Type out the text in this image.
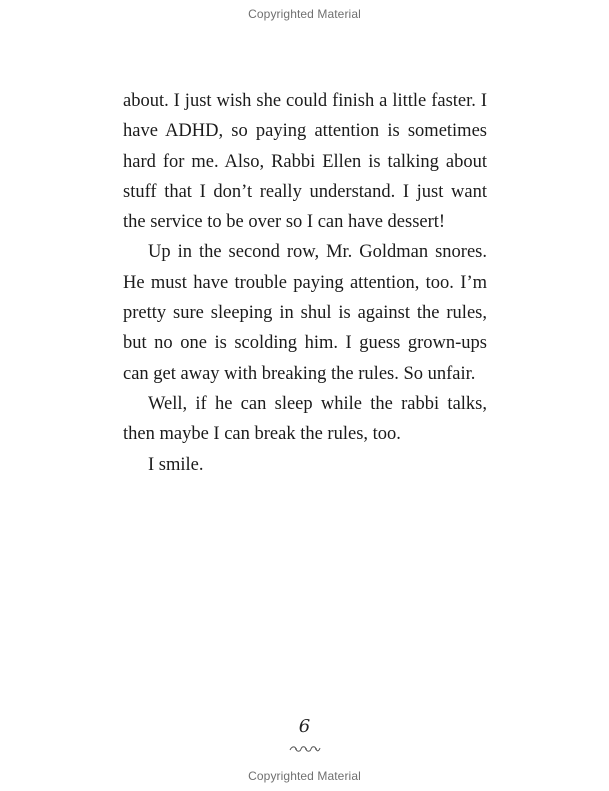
Copyrighted Material

about. I just wish she could finish a little faster. I have ADHD, so paying attention is sometimes hard for me. Also, Rabbi Ellen is talking about stuff that I don’t really understand. I just want the service to be over so I can have dessert!

Up in the second row, Mr. Goldman snores. He must have trouble paying attention, too. I’m pretty sure sleeping in shul is against the rules, but no one is scolding him. I guess grown-ups can get away with breaking the rules. So unfair.

Well, if he can sleep while the rabbi talks, then maybe I can break the rules, too.

I smile.

6
Copyrighted Material
